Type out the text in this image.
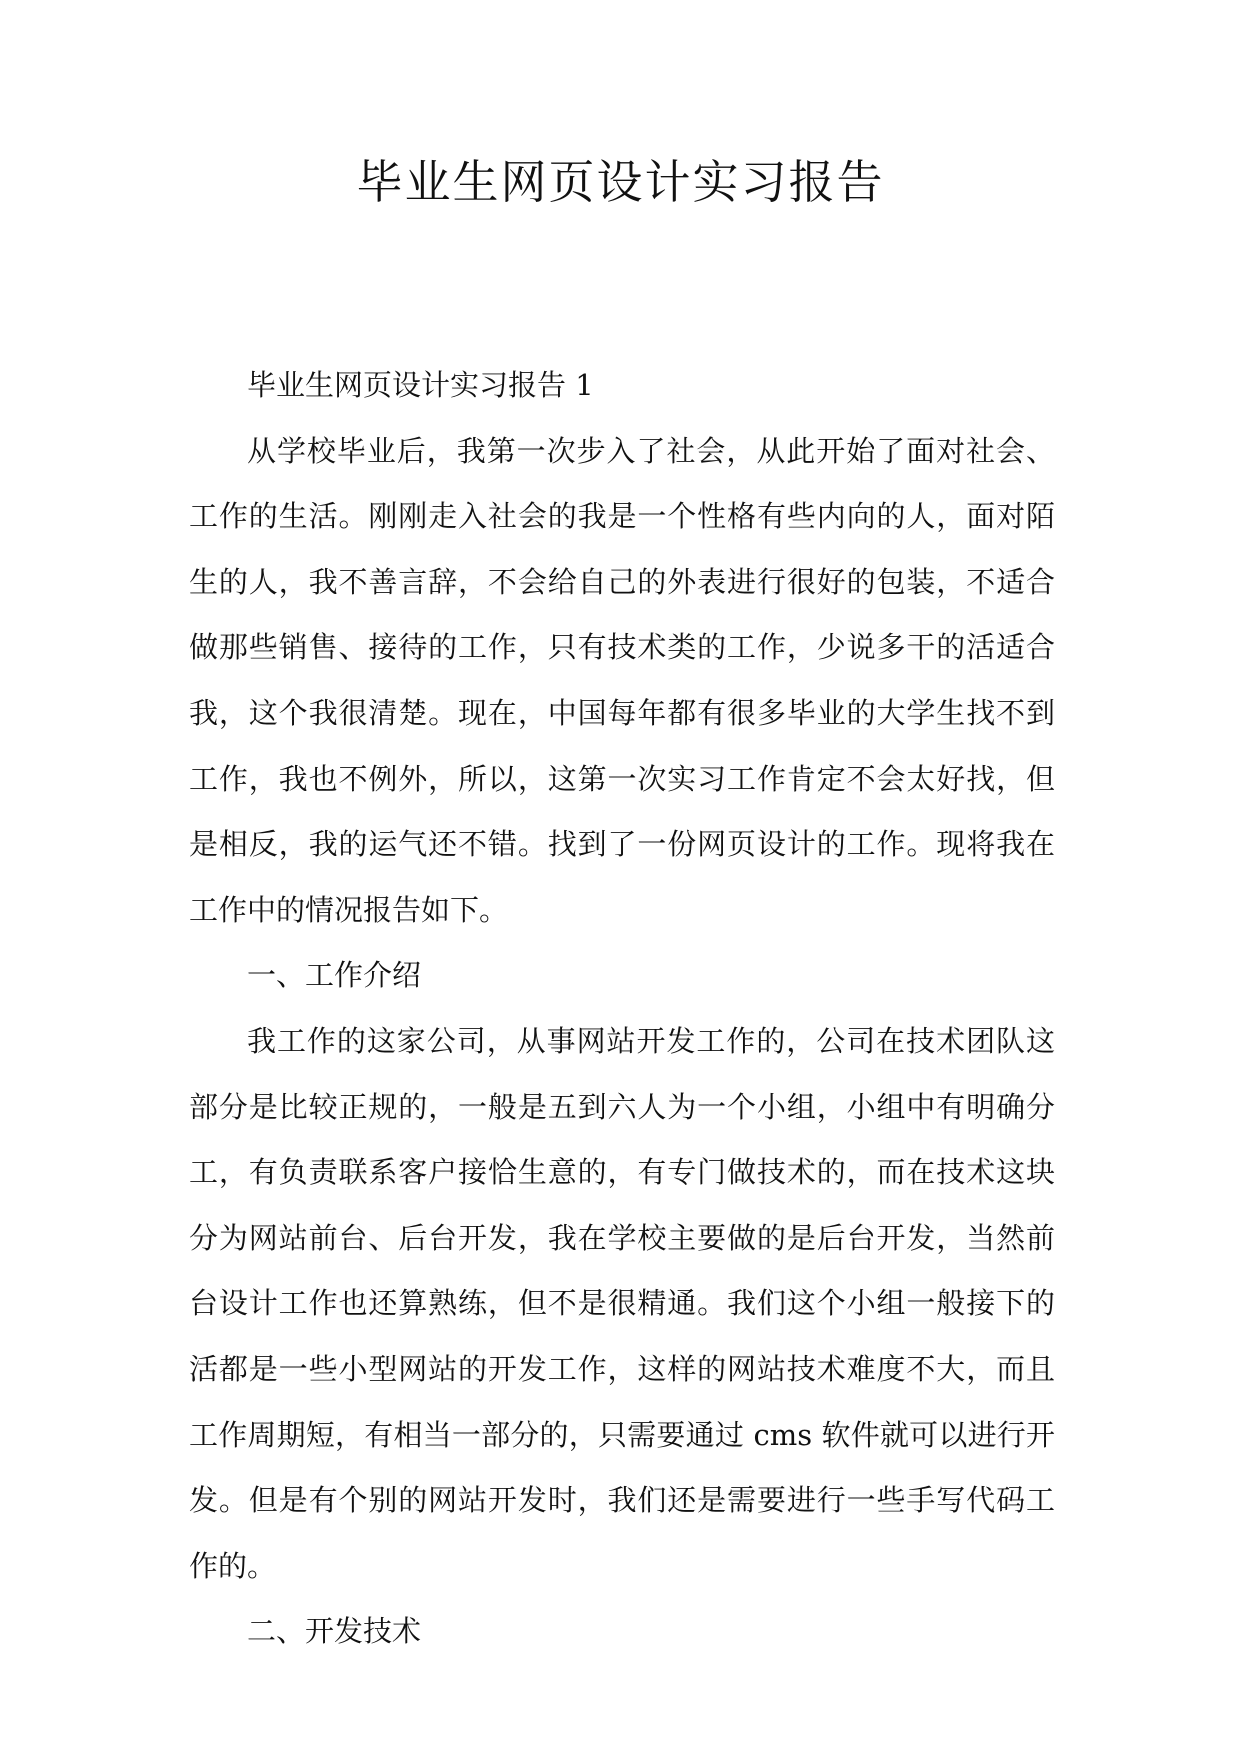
毕业生网页设计实习报告

毕业生网页设计实习报告 1

从学校毕业后，我第一次步入了社会，从此开始了面对社会、工作的生活。刚刚走入社会的我是一个性格有些内向的人，面对陌生的人，我不善言辞，不会给自己的外表进行很好的包装，不适合做那些销售、接待的工作，只有技术类的工作，少说多干的活适合我，这个我很清楚。现在，中国每年都有很多毕业的大学生找不到工作，我也不例外，所以，这第一次实习工作肯定不会太好找，但是相反，我的运气还不错。找到了一份网页设计的工作。现将我在工作中的情况报告如下。

一、工作介绍

我工作的这家公司，从事网站开发工作的，公司在技术团队这部分是比较正规的，一般是五到六人为一个小组，小组中有明确分工，有负责联系客户接恰生意的，有专门做技术的，而在技术这块分为网站前台、后台开发，我在学校主要做的是后台开发，当然前台设计工作也还算熟练，但不是很精通。我们这个小组一般接下的活都是一些小型网站的开发工作，这样的网站技术难度不大，而且工作周期短，有相当一部分的，只需要通过 cms 软件就可以进行开发。但是有个别的网站开发时，我们还是需要进行一些手写代码工作的。

二、开发技术
